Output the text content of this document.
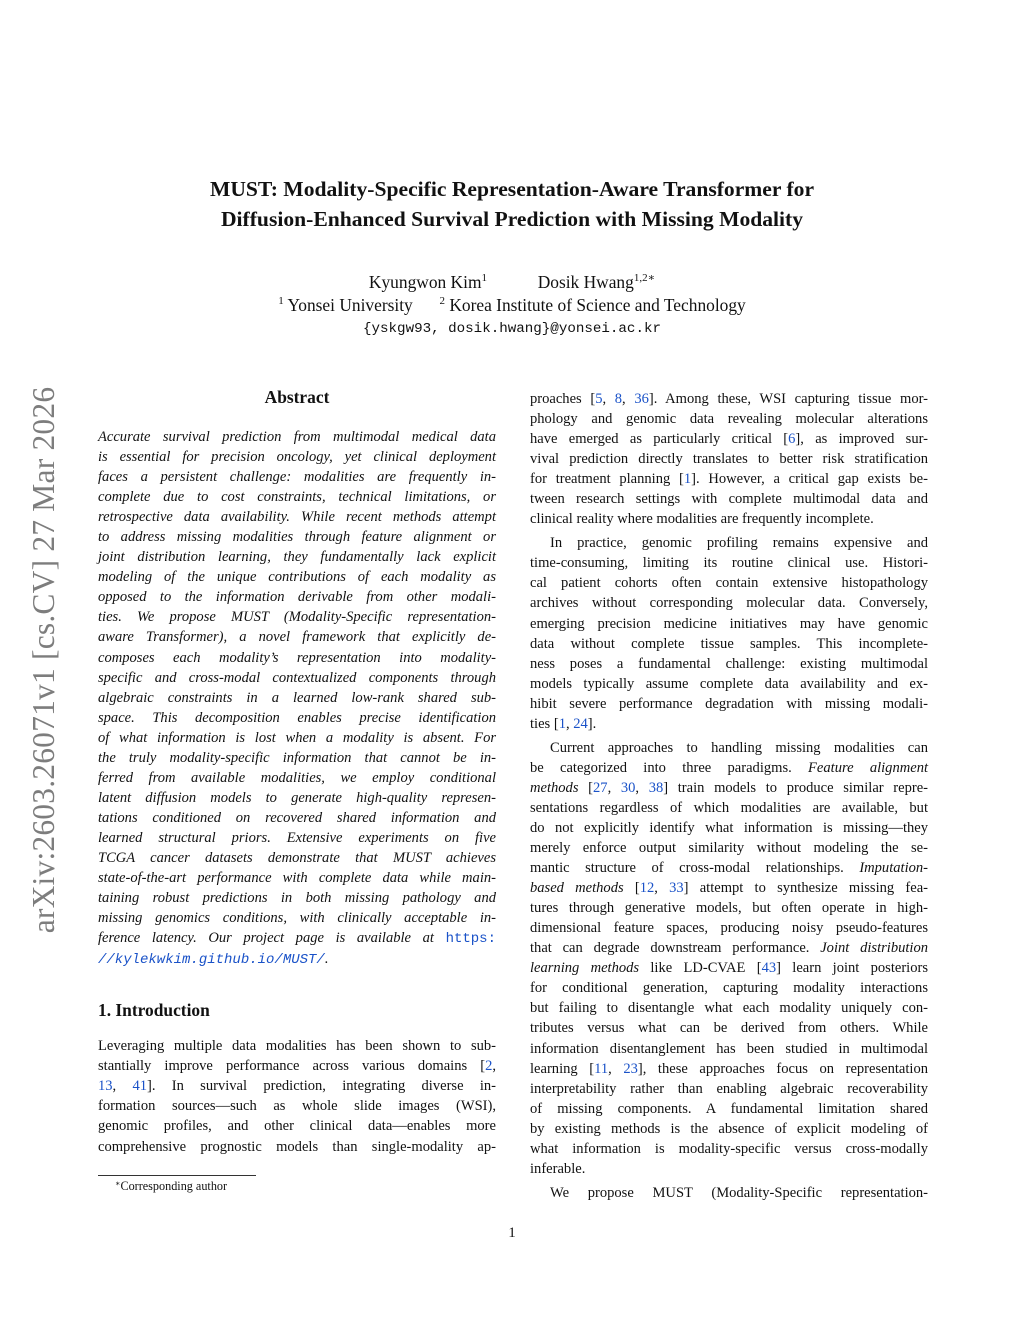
arXiv:2603.26071v1 [cs.CV] 27 Mar 2026
MUST: Modality-Specific Representation-Aware Transformer for
Diffusion-Enhanced Survival Prediction with Missing Modality
Kyungwon Kim$^1$	Dosik Hwang$^{1,2∗}$
$^1$ Yonsei University $^2$ Korea Institute of Science and Technology
{yskgw93, dosik.hwang}@yonsei.ac.kr
Abstract
Accurate survival prediction from multimodal medical data
is essential for precision oncology, yet clinical deployment
faces a persistent challenge: modalities are frequently in-
complete due to cost constraints, technical limitations, or
retrospective data availability. While recent methods attempt
to address missing modalities through feature alignment or
joint distribution learning, they fundamentally lack explicit
modeling of the unique contributions of each modality as
opposed to the information derivable from other modali-
ties. We propose MUST (Modality-Specific representation-
aware Transformer), a novel framework that explicitly de-
composes each modality’s representation into modality-
specific and cross-modal contextualized components through
algebraic constraints in a learned low-rank shared sub-
space. This decomposition enables precise identification
of what information is lost when a modality is absent. For
the truly modality-specific information that cannot be in-
ferred from available modalities, we employ conditional
latent diffusion models to generate high-quality represen-
tations conditioned on recovered shared information and
learned structural priors. Extensive experiments on five
TCGA cancer datasets demonstrate that MUST achieves
state-of-the-art performance with complete data while main-
taining robust predictions in both missing pathology and
missing genomics conditions, with clinically acceptable in-
ference latency. Our project page is available at https:
//kylekwkim.github.io/MUST/.
1. Introduction
Leveraging multiple data modalities has been shown to sub-
stantially improve performance across various domains [2,
13, 41]. In survival prediction, integrating diverse in-
formation sources—such as whole slide images (WSI),
genomic profiles, and other clinical data—enables more
comprehensive prognostic models than single-modality ap-
proaches [5, 8, 36]. Among these, WSI capturing tissue mor-
phology and genomic data revealing molecular alterations
have emerged as particularly critical [6], as improved sur-
vival prediction directly translates to better risk stratification
for treatment planning [1]. However, a critical gap exists be-
tween research settings with complete multimodal data and
clinical reality where modalities are frequently incomplete.
In practice, genomic profiling remains expensive and
time-consuming, limiting its routine clinical use. Histori-
cal patient cohorts often contain extensive histopathology
archives without corresponding molecular data. Conversely,
emerging precision medicine initiatives may have genomic
data without complete tissue samples. This incomplete-
ness poses a fundamental challenge: existing multimodal
models typically assume complete data availability and ex-
hibit severe performance degradation with missing modali-
ties [1, 24].
Current approaches to handling missing modalities can
be categorized into three paradigms. Feature alignment
methods [27, 30, 38] train models to produce similar repre-
sentations regardless of which modalities are available, but
do not explicitly identify what information is missing—they
merely enforce output similarity without modeling the se-
mantic structure of cross-modal relationships. Imputation-
based methods [12, 33] attempt to synthesize missing fea-
tures through generative models, but often operate in high-
dimensional feature spaces, producing noisy pseudo-features
that can degrade downstream performance. Joint distribution
learning methods like LD-CVAE [43] learn joint posteriors
for conditional generation, capturing modality interactions
but failing to disentangle what each modality uniquely con-
tributes versus what can be derived from others. While
information disentanglement has been studied in multimodal
learning [11, 23], these approaches focus on representation
interpretability rather than enabling algebraic recoverability
of missing components. A fundamental limitation shared
by existing methods is the absence of explicit modeling of
what information is modality-specific versus cross-modally
inferable.
We propose MUST (Modality-Specific representation-
∗Corresponding author
1
